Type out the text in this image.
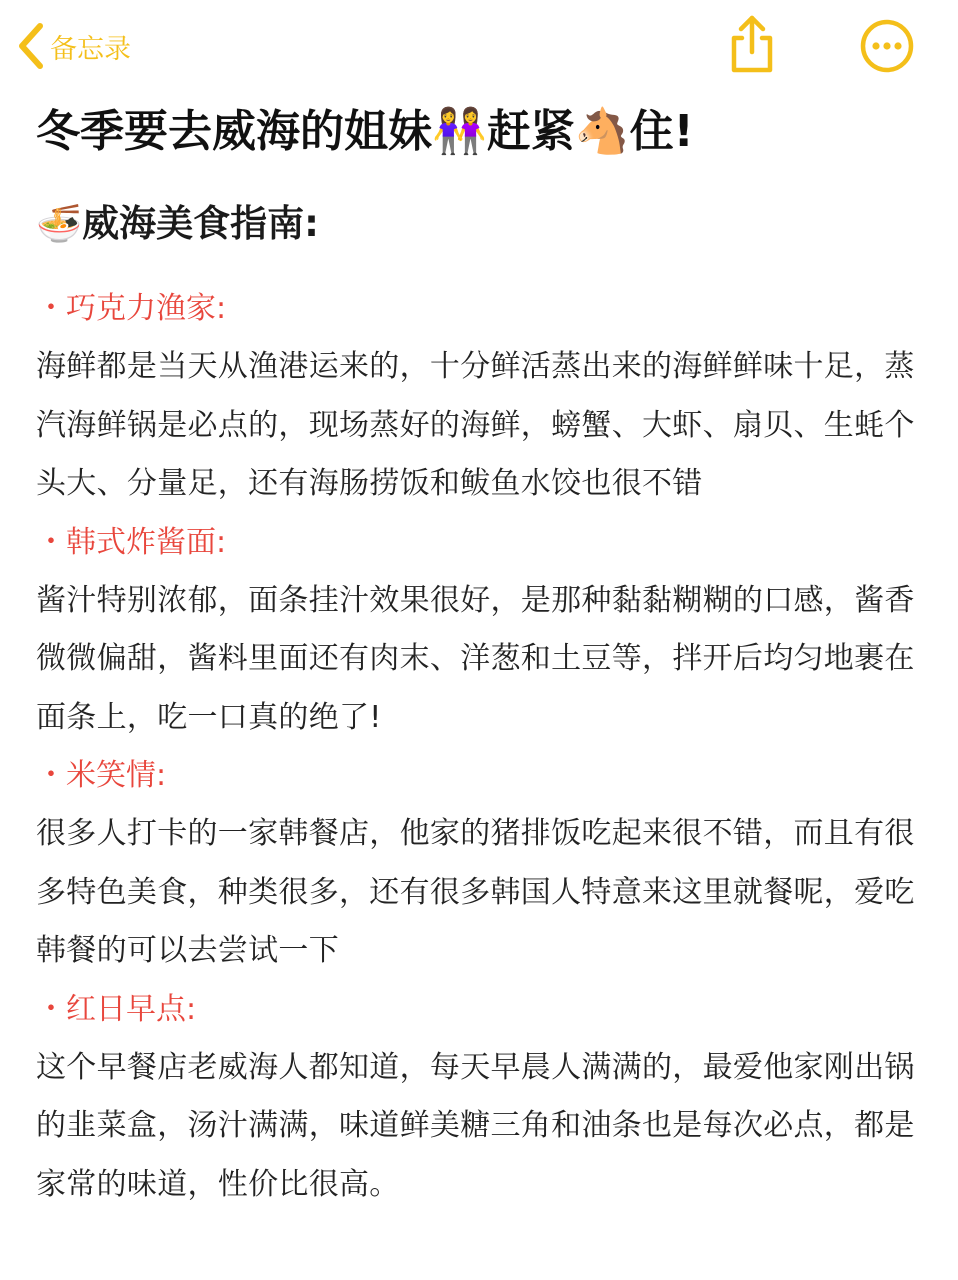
备忘录
冬季要去威海的姐妹👭赶紧🐴住!
🍜威海美食指南:
・巧克力渔家:
海鲜都是当天从渔港运来的，十分鲜活蒸出来的海鲜鲜味十足，蒸汽海鲜锅是必点的，现场蒸好的海鲜，螃蟹、大虾、扇贝、生蚝个头大、分量足，还有海肠捞饭和鲅鱼水饺也很不错
・韩式炸酱面:
酱汁特别浓郁，面条挂汁效果很好，是那种黏黏糊糊的口感，酱香微微偏甜，酱料里面还有肉末、洋葱和土豆等，拌开后均匀地裹在面条上，吃一口真的绝了!
・米笑情:
很多人打卡的一家韩餐店，他家的猪排饭吃起来很不错，而且有很多特色美食，种类很多，还有很多韩国人特意来这里就餐呢，爱吃韩餐的可以去尝试一下
・红日早点:
这个早餐店老威海人都知道，每天早晨人满满的，最爱他家刚出锅的韭菜盒，汤汁满满，味道鲜美糖三角和油条也是每次必点，都是家常的味道，性价比很高。
